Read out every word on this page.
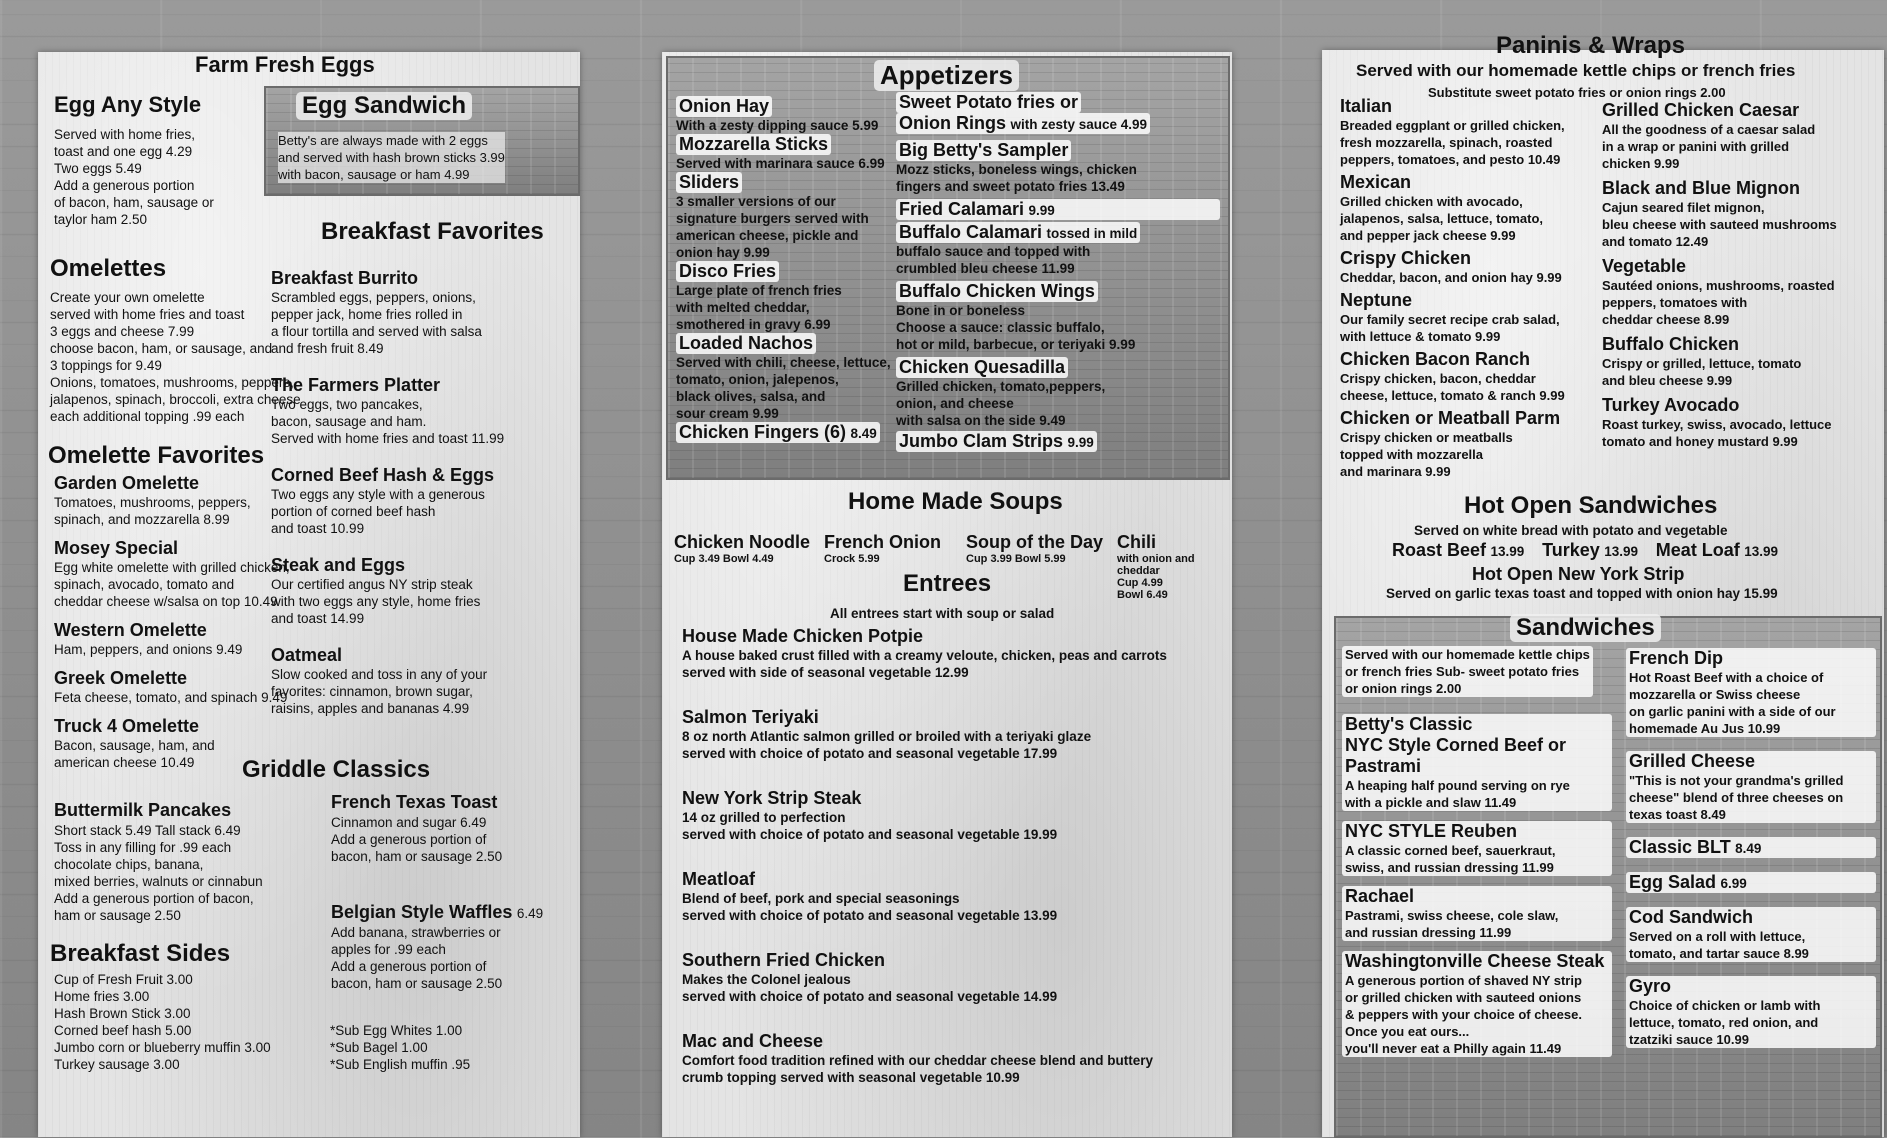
Farm Fresh Eggs
Egg Any Style
Served with home fries,
toast and one egg 4.29
Two eggs 5.49
Add a generous portion
of bacon, ham, sausage or
taylor ham 2.50
Egg Sandwich
Betty's are always made with 2 eggs
and served with hash brown sticks 3.99
with bacon, sausage or ham 4.99
Breakfast Favorites
Omelettes
Create your own omelette
served with home fries and toast
3 eggs and cheese 7.99
choose bacon, ham, or sausage, and
3 toppings for 9.49
Onions, tomatoes, mushrooms, peppers,
jalapenos, spinach, broccoli, extra cheese
each additional topping .99 each
Omelette Favorites
Garden Omelette
Tomatoes, mushrooms, peppers,
spinach, and mozzarella 8.99
Mosey Special
Egg white omelette with grilled chicken,
spinach, avocado, tomato and
cheddar cheese w/salsa on top 10.49
Western Omelette
Ham, peppers, and onions 9.49
Greek Omelette
Feta cheese, tomato, and spinach 9.49
Truck 4 Omelette
Bacon, sausage, ham, and
american cheese 10.49
Buttermilk Pancakes
Short stack 5.49 Tall stack 6.49
Toss in any filling for .99 each
chocolate chips, banana,
mixed berries, walnuts or cinnabun
Add a generous portion of bacon,
ham or sausage 2.50
Breakfast Sides
Cup of Fresh Fruit 3.00
Home fries 3.00
Hash Brown Stick 3.00
Corned beef hash 5.00
Jumbo corn or blueberry muffin 3.00
Turkey sausage 3.00
Breakfast Burrito
Scrambled eggs, peppers, onions,
pepper jack, home fries rolled in
a flour tortilla and served with salsa
and fresh fruit 8.49
The Farmers Platter
Two eggs, two pancakes,
bacon, sausage and ham.
Served with home fries and toast 11.99
Corned Beef Hash & Eggs
Two eggs any style with a generous
portion of corned beef hash
and toast 10.99
Steak and Eggs
Our certified angus NY strip steak
with two eggs any style, home fries
and toast 14.99
Oatmeal
Slow cooked and toss in any of your
favorites: cinnamon, brown sugar,
raisins, apples and bananas 4.99
Griddle Classics
French Texas Toast
Cinnamon and sugar 6.49
Add a generous portion of
bacon, ham or sausage 2.50
Belgian Style Waffles 6.49
Add banana, strawberries or
apples for .99 each
Add a generous portion of
bacon, ham or sausage 2.50
*Sub Egg Whites 1.00
*Sub Bagel 1.00
*Sub English muffin .95
Appetizers
Onion Hay
With a zesty dipping sauce 5.99
Mozzarella Sticks
Served with marinara sauce 6.99
Sliders
3 smaller versions of our
signature burgers served with
american cheese, pickle and
onion hay 9.99
Disco Fries
Large plate of french fries
with melted cheddar,
smothered in gravy 6.99
Loaded Nachos
Served with chili, cheese, lettuce,
tomato, onion, jalepenos,
black olives, salsa, and
sour cream 9.99
Chicken Fingers (6) 8.49
Sweet Potato fries or
Onion Rings with zesty sauce 4.99
Big Betty's Sampler
Mozz sticks, boneless wings, chicken
fingers and sweet potato fries 13.49
Fried Calamari 9.99
Buffalo Calamari tossed in mild
buffalo sauce and topped with
crumbled bleu cheese 11.99
Buffalo Chicken Wings
Bone in or boneless
Choose a sauce: classic buffalo,
hot or mild, barbecue, or teriyaki 9.99
Chicken Quesadilla
Grilled chicken, tomato,peppers,
onion, and cheese
with salsa on the side 9.49
Jumbo Clam Strips 9.99
Home Made Soups
Chicken Noodle
Cup 3.49 Bowl 4.49
French Onion
Crock 5.99
Soup of the Day
Cup 3.99 Bowl 5.99
Chili
with onion and cheddar
Cup 4.99
Bowl 6.49
Entrees
All entrees start with soup or salad
House Made Chicken Potpie
A house baked crust filled with a creamy veloute, chicken, peas and carrots
served with side of seasonal vegetable 12.99
Salmon Teriyaki
8 oz north Atlantic salmon grilled or broiled with a teriyaki glaze
served with choice of potato and seasonal vegetable 17.99
New York Strip Steak
14 oz grilled to perfection
served with choice of potato and seasonal vegetable 19.99
Meatloaf
Blend of beef, pork and special seasonings
served with choice of potato and seasonal vegetable 13.99
Southern Fried Chicken
Makes the Colonel jealous
served with choice of potato and seasonal vegetable 14.99
Mac and Cheese
Comfort food tradition refined with our cheddar cheese blend and buttery
crumb topping served with seasonal vegetable 10.99
Paninis & Wraps
Served with our homemade kettle chips or french fries
Substitute sweet potato fries or onion rings 2.00
Italian
Breaded eggplant or grilled chicken,
fresh mozzarella, spinach, roasted
peppers, tomatoes, and pesto 10.49
Mexican
Grilled chicken with avocado,
jalapenos, salsa, lettuce, tomato,
and pepper jack cheese 9.99
Crispy Chicken
Cheddar, bacon, and onion hay 9.99
Neptune
Our family secret recipe crab salad,
with lettuce & tomato 9.99
Chicken Bacon Ranch
Crispy chicken, bacon, cheddar
cheese, lettuce, tomato & ranch 9.99
Chicken or Meatball Parm
Crispy chicken or meatballs
topped with mozzarella
and marinara 9.99
Grilled Chicken Caesar
All the goodness of a caesar salad
in a wrap or panini with grilled
chicken 9.99
Black and Blue Mignon
Cajun seared filet mignon,
bleu cheese with sauteed mushrooms
and tomato 12.49
Vegetable
Sautéed onions, mushrooms, roasted
peppers, tomatoes with
cheddar cheese 8.99
Buffalo Chicken
Crispy or grilled, lettuce, tomato
and bleu cheese 9.99
Turkey Avocado
Roast turkey, swiss, avocado, lettuce
tomato and honey mustard 9.99
Hot Open Sandwiches
Served on white bread with potato and vegetable
Roast Beef 13.99 Turkey 13.99 Meat Loaf 13.99
Hot Open New York Strip
Served on garlic texas toast and topped with onion hay 15.99
Sandwiches
Served with our homemade kettle chips
or french fries Sub- sweet potato fries
or onion rings 2.00
Betty's Classic
NYC Style Corned Beef or
Pastrami
A heaping half pound serving on rye
with a pickle and slaw 11.49
NYC STYLE Reuben
A classic corned beef, sauerkraut,
swiss, and russian dressing 11.99
Rachael
Pastrami, swiss cheese, cole slaw,
and russian dressing 11.99
Washingtonville Cheese Steak
A generous portion of shaved NY strip
or grilled chicken with sauteed onions
& peppers with your choice of cheese.
Once you eat ours...
you'll never eat a Philly again 11.49
French Dip
Hot Roast Beef with a choice of
mozzarella or Swiss cheese
on garlic panini with a side of our
homemade Au Jus 10.99
Grilled Cheese
"This is not your grandma's grilled
cheese" blend of three cheeses on
texas toast 8.49
Classic BLT 8.49
Egg Salad 6.99
Cod Sandwich
Served on a roll with lettuce,
tomato, and tartar sauce 8.99
Gyro
Choice of chicken or lamb with
lettuce, tomato, red onion, and
tzatziki sauce 10.99
